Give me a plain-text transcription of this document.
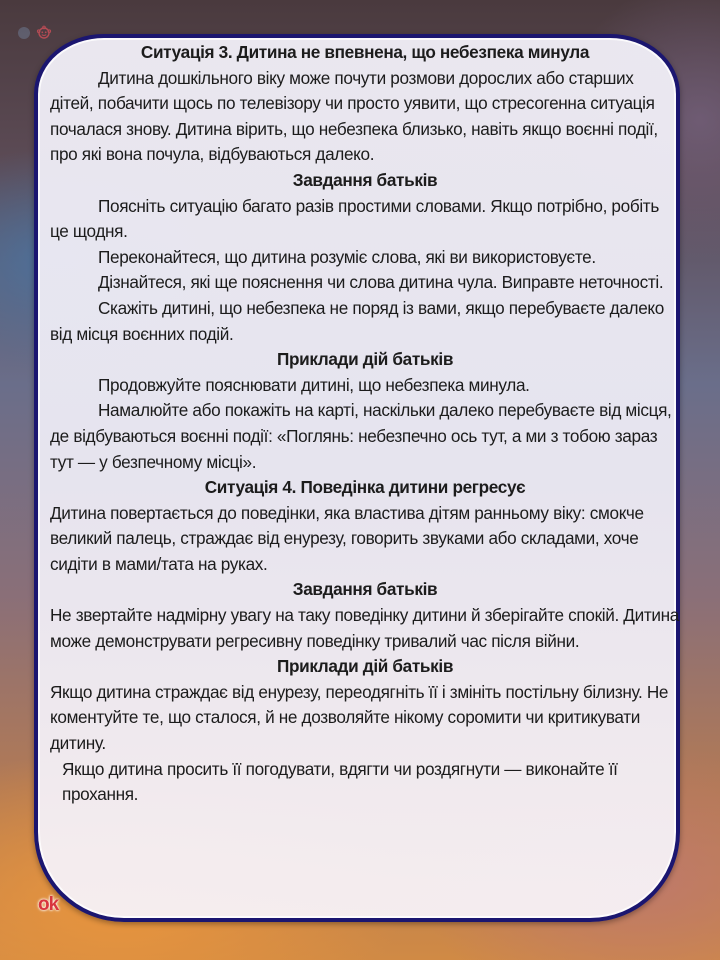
Ситуація 3. Дитина не впевнена, що небезпека минула

Дитина дошкільного віку може почути розмови дорослих або старших дітей, побачити щось по телевізору чи просто уявити, що стресогенна ситуація почалася знову. Дитина вірить, що небезпека близько, навіть якщо воєнні події, про які вона почула, відбуваються далеко.

Завдання батьків

Поясніть ситуацію багато разів простими словами. Якщо потрібно, робіть це щодня.

Переконайтеся, що дитина розуміє слова, які ви використовуєте.

Дізнайтеся, які ще пояснення чи слова дитина чула. Виправте неточності.

Скажіть дитині, що небезпека не поряд із вами, якщо перебуваєте далеко від місця воєнних подій.

Приклади дій батьків

Продовжуйте пояснювати дитині, що небезпека минула.

Намалюйте або покажіть на карті, наскільки далеко перебуваєте від місця, де відбуваються воєнні події: «Поглянь: небезпечно ось тут, а ми з тобою зараз тут — у безпечному місці».

Ситуація 4. Поведінка дитини регресує

Дитина повертається до поведінки, яка властива дітям ранньому віку: смокче великий палець, страждає від енурезу, говорить звуками або складами, хоче сидіти в мами/тата на руках.

Завдання батьків

Не звертайте надмірну увагу на таку поведінку дитини й зберігайте спокій. Дитина може демонструвати регресивну поведінку тривалий час після війни.

Приклади дій батьків

Якщо дитина страждає від енурезу, переодягніть її і змініть постільну білизну. Не коментуйте те, що сталося, й не дозволяйте нікому соромити чи критикувати дитину.

Якщо дитина просить її погодувати, вдягти чи роздягнути — виконайте її прохання.

ok
